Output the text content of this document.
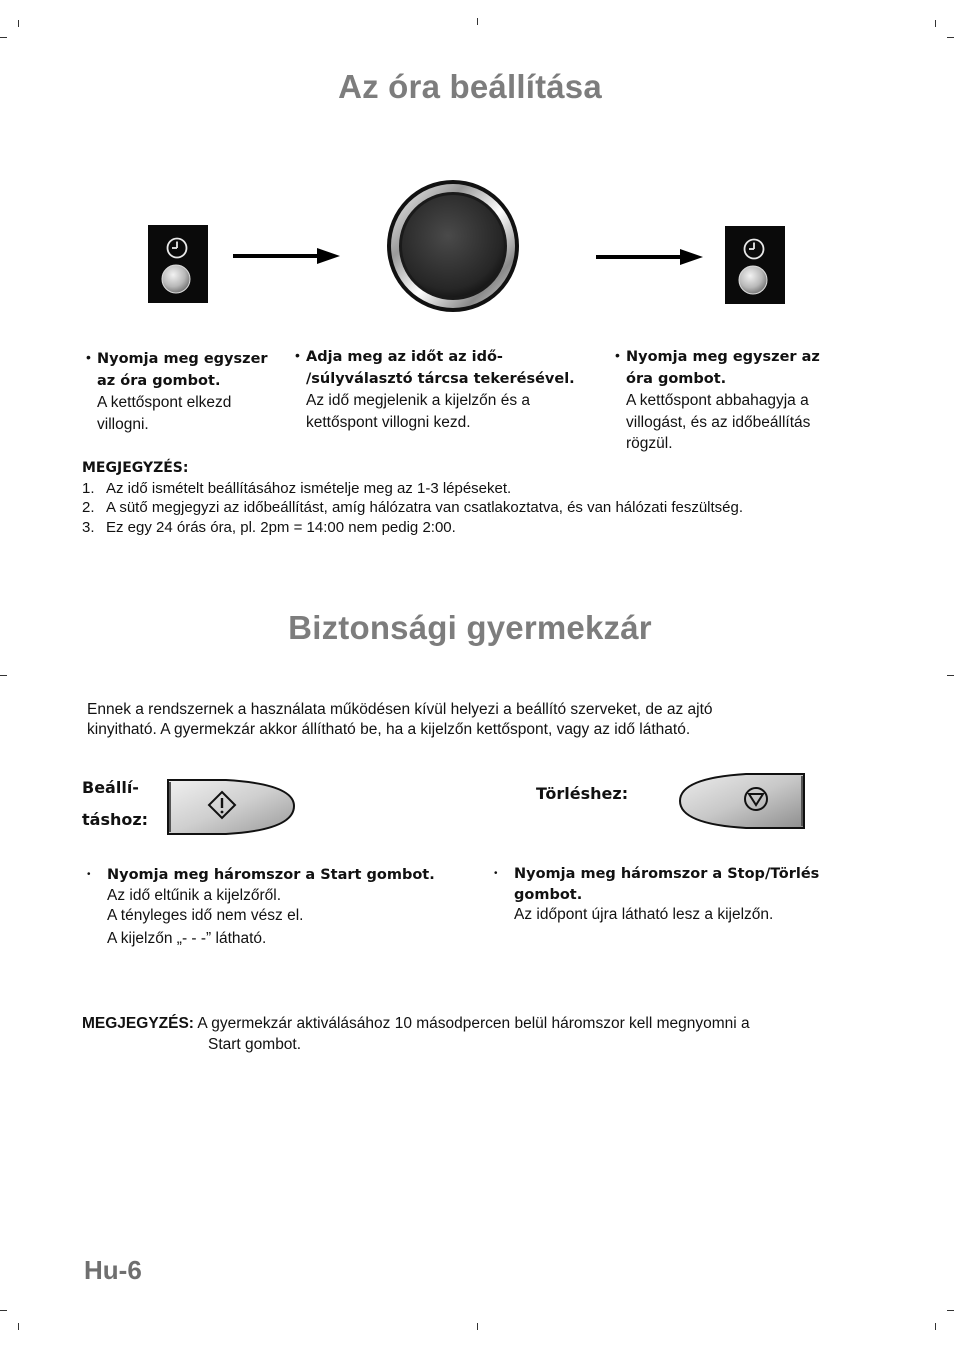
Az óra beállítása
• Nyomja meg egyszer
az óra gombot.
A kettőspont elkezd
villogni.
• Adja meg az időt az idő-
/súlyválasztó tárcsa tekerésével.
Az idő megjelenik a kijelzőn és a
kettőspont villogni kezd.
• Nyomja meg egyszer az
óra gombot.
A kettőspont abbahagyja a
villogást, és az időbeállítás
rögzül.
MEGJEGYZÉS:
1. Az idő ismételt beállításához ismételje meg az 1-3 lépéseket.
2. A sütő megjegyzi az időbeállítást, amíg hálózatra van csatlakoztatva, és van hálózati feszültség.
3. Ez egy 24 órás óra, pl. 2pm = 14:00 nem pedig 2:00.
Biztonsági gyermekzár
Ennek a rendszernek a használata működésen kívül helyezi a beállító szerveket, de az ajtó
kinyitható. A gyermekzár akkor állítható be, ha a kijelzőn kettőspont, vagy az idő látható.
Beállí-
táshoz:
Törléshez:
• Nyomja meg háromszor a Start gombot.
Az idő eltűnik a kijelzőről.
A tényleges idő nem vész el.
A kijelzőn „- - -” látható.
• Nyomja meg háromszor a Stop/Törlés
gombot.
Az időpont újra látható lesz a kijelzőn.
MEGJEGYZÉS: A gyermekzár aktiválásához 10 másodpercen belül háromszor kell megnyomni a
Start gombot.
Hu-6
